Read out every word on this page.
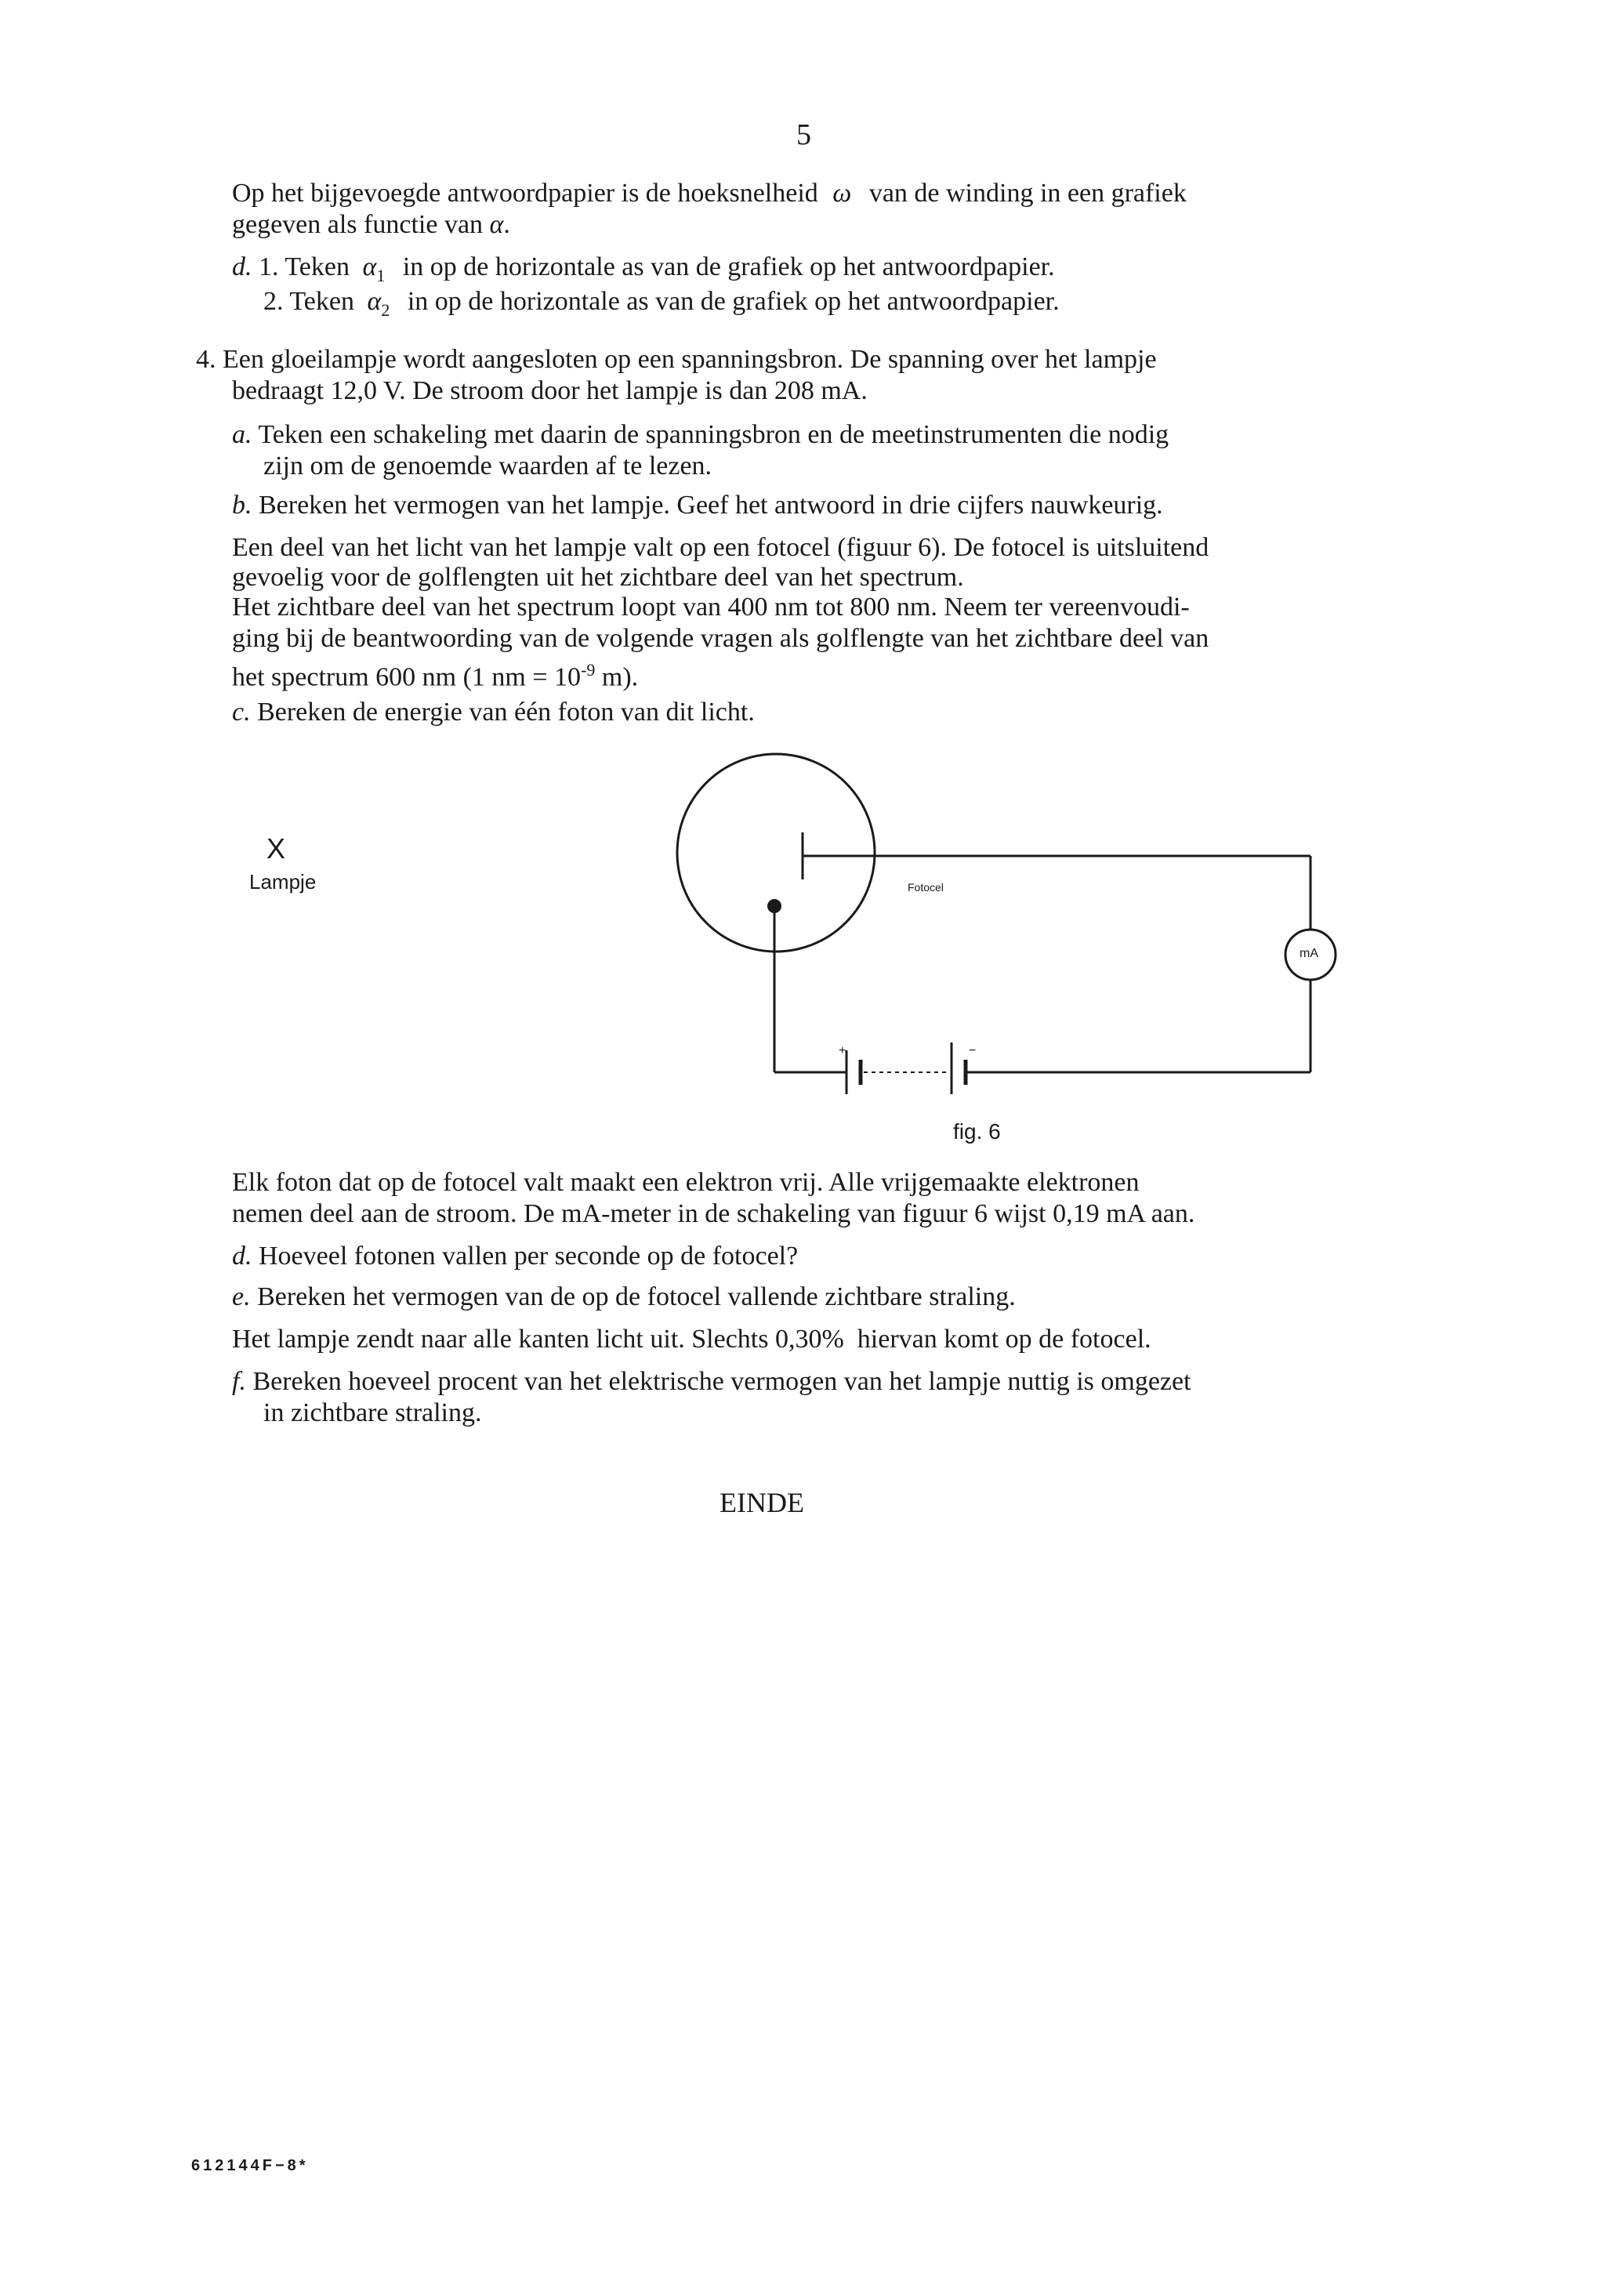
5
Op het bijgevoegde antwoordpapier is de hoeksnelheid ω van de winding in een grafiek
gegeven als functie van α.
d. 1. Teken $\alpha_1$ in op de horizontale as van de grafiek op het antwoordpapier.
2. Teken $\alpha_2$ in op de horizontale as van de grafiek op het antwoordpapier.
4. Een gloeilampje wordt aangesloten op een spanningsbron. De spanning over het lampje
bedraagt 12,0 V. De stroom door het lampje is dan 208 mA.
a. Teken een schakeling met daarin de spanningsbron en de meetinstrumenten die nodig
zijn om de genoemde waarden af te lezen.
b. Bereken het vermogen van het lampje. Geef het antwoord in drie cijfers nauwkeurig.
Een deel van het licht van het lampje valt op een fotocel (figuur 6). De fotocel is uitsluitend
gevoelig voor de golflengten uit het zichtbare deel van het spectrum.
Het zichtbare deel van het spectrum loopt van 400 nm tot 800 nm. Neem ter vereenvoudi-
ging bij de beantwoording van de volgende vragen als golflengte van het zichtbare deel van
het spectrum 600 nm (1 nm = $10^{-9}$ m).
c. Bereken de energie van één foton van dit licht.
X
Lampje	Fotocel
mA
+	−
fig. 6
Elk foton dat op de fotocel valt maakt een elektron vrij. Alle vrijgemaakte elektronen
nemen deel aan de stroom. De mA-meter in de schakeling van figuur 6 wijst 0,19 mA aan.
d. Hoeveel fotonen vallen per seconde op de fotocel?
e. Bereken het vermogen van de op de fotocel vallende zichtbare straling.
Het lampje zendt naar alle kanten licht uit. Slechts 0,30%  hiervan komt op de fotocel.
f. Bereken hoeveel procent van het elektrische vermogen van het lampje nuttig is omgezet
in zichtbare straling.
EINDE
612144F−8*
